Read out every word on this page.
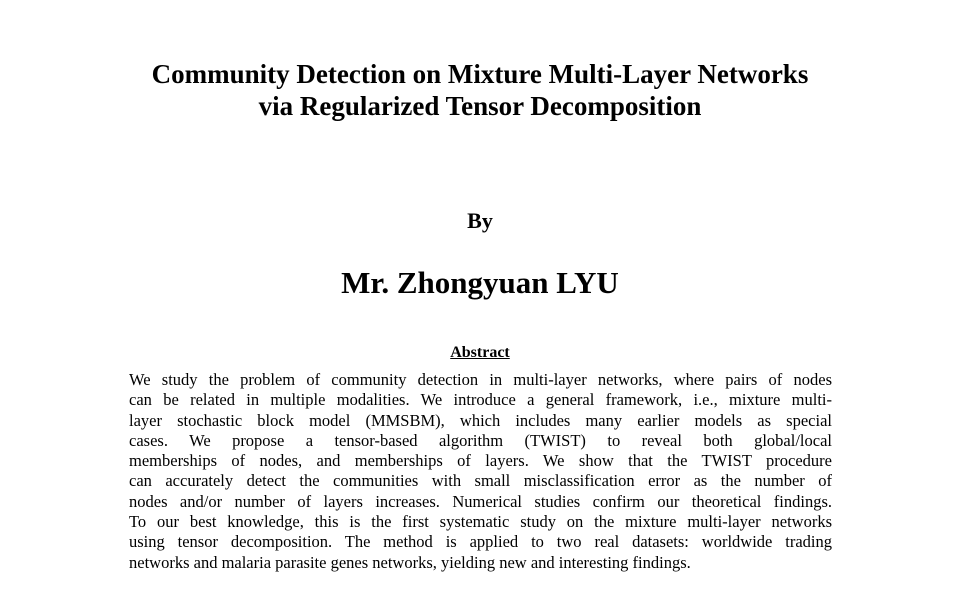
Community Detection on Mixture Multi-Layer Networks
via Regularized Tensor Decomposition
By
Mr. Zhongyuan LYU
Abstract
We study the problem of community detection in multi-layer networks, where pairs of nodes
can be related in multiple modalities. We introduce a general framework, i.e., mixture multi-
layer stochastic block model (MMSBM), which includes many earlier models as special
cases. We propose a tensor-based algorithm (TWIST) to reveal both global/local
memberships of nodes, and memberships of layers. We show that the TWIST procedure
can accurately detect the communities with small misclassification error as the number of
nodes and/or number of layers increases. Numerical studies confirm our theoretical findings.
To our best knowledge, this is the first systematic study on the mixture multi-layer networks
using tensor decomposition. The method is applied to two real datasets: worldwide trading
networks and malaria parasite genes networks, yielding new and interesting findings.
